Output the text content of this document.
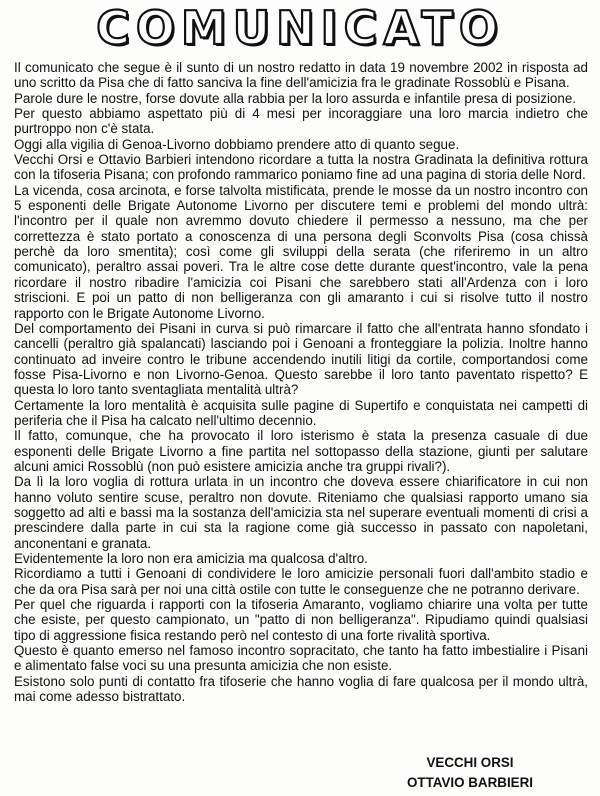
COMUNICATO

Il comunicato che segue è il sunto di un nostro redatto in data 19 novembre 2002 in risposta ad uno scritto da Pisa che di fatto sanciva la fine dell'amicizia fra le gradinate Rossoblù e Pisana.

Parole dure le nostre, forse dovute alla rabbia per la loro assurda e infantile presa di posizione.

Per questo abbiamo aspettato più di 4 mesi per incoraggiare una loro marcia indietro che purtroppo non c'è stata.

Oggi alla vigilia di Genoa-Livorno dobbiamo prendere atto di quanto segue.

Vecchi Orsi e Ottavio Barbieri intendono ricordare a tutta la nostra Gradinata la definitiva rottura con la tifoseria Pisana; con profondo rammarico poniamo fine ad una pagina di storia delle Nord.

La vicenda, cosa arcinota, e forse talvolta mistificata, prende le mosse da un nostro incontro con 5 esponenti delle Brigate Autonome Livorno per discutere temi e problemi del mondo ultrà: l'incontro per il quale non avremmo dovuto chiedere il permesso a nessuno, ma che per correttezza è stato portato a conoscenza di una persona degli Sconvolts Pisa (cosa chissà perchè da loro smentita); così come gli sviluppi della serata (che riferiremo in un altro comunicato), peraltro assai poveri. Tra le altre cose dette durante quest'incontro, vale la pena ricordare il nostro ribadire l'amicizia coi Pisani che sarebbero stati all'Ardenza con i loro striscioni. E poi un patto di non belligeranza con gli amaranto i cui si risolve tutto il nostro rapporto con le Brigate Autonome Livorno.

Del comportamento dei Pisani in curva si può rimarcare il fatto che all'entrata hanno sfondato i cancelli (peraltro già spalancati) lasciando poi i Genoani a fronteggiare la polizia. Inoltre hanno continuato ad inveire contro le tribune accendendo inutili litigi da cortile, comportandosi come fosse Pisa-Livorno e non Livorno-Genoa. Questo sarebbe il loro tanto paventato rispetto? E questa lo loro tanto sventagliata mentalità ultrà?

Certamente la loro mentalità è acquisita sulle pagine di Supertifo e conquistata nei campetti di periferia che il Pisa ha calcato nell'ultimo decennio.

Il fatto, comunque, che ha provocato il loro isterismo è stata la presenza casuale di due esponenti delle Brigate Livorno a fine partita nel sottopasso della stazione, giunti per salutare alcuni amici Rossoblù (non può esistere amicizia anche tra gruppi rivali?).

Da lì la loro voglia di rottura urlata in un incontro che doveva essere chiarificatore in cui non hanno voluto sentire scuse, peraltro non dovute. Riteniamo che qualsiasi rapporto umano sia soggetto ad alti e bassi ma la sostanza dell'amicizia sta nel superare eventuali momenti di crisi a prescindere dalla parte in cui sta la ragione come già successo in passato con napoletani, anconentani e granata.

Evidentemente la loro non era amicizia ma qualcosa d'altro.

Ricordiamo a tutti i Genoani di condividere le loro amicizie personali fuori dall'ambito stadio e che da ora Pisa sarà per noi una città ostile con tutte le conseguenze che ne potranno derivare.

Per quel che riguarda i rapporti con la tifoseria Amaranto, vogliamo chiarire una volta per tutte che esiste, per questo campionato, un "patto di non belligeranza". Ripudiamo quindi qualsiasi tipo di aggressione fisica restando però nel contesto di una forte rivalità sportiva.

Questo è quanto emerso nel famoso incontro sopracitato, che tanto ha fatto imbestialire i Pisani e alimentato false voci su una presunta amicizia che non esiste.

Esistono solo punti di contatto fra tifoserie che hanno voglia di fare qualcosa per il mondo ultrà, mai come adesso bistrattato.

VECCHI ORSI
OTTAVIO BARBIERI
